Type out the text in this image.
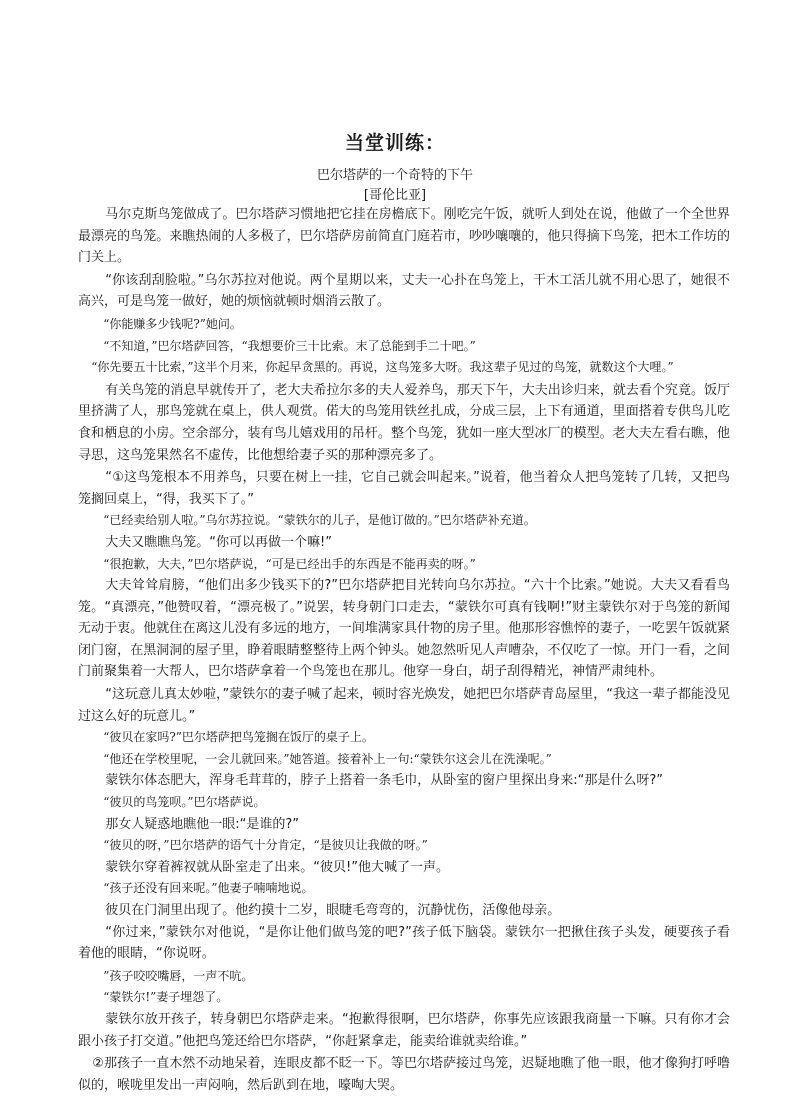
当堂训练：
巴尔塔萨的一个奇特的下午
[哥伦比亚]

马尔克斯鸟笼做成了。巴尔塔萨习惯地把它挂在房檐底下。刚吃完午饭，就听人到处在说，他做了一个全世界最漂亮的鸟笼。来瞧热闹的人多极了，巴尔塔萨房前简直门庭若市，吵吵嚷嚷的，他只得摘下鸟笼，把木工作坊的门关上。

“你该刮刮脸啦。”乌尔苏拉对他说。两个星期以来，丈夫一心扑在鸟笼上，干木工活儿就不用心思了，她很不高兴，可是鸟笼一做好，她的烦恼就顿时烟消云散了。

“你能赚多少钱呢?”她问。

“不知道，”巴尔塔萨回答，“我想要价三十比索。末了总能到手二十吧。”

“你先要五十比索，”这半个月来，你起早贪黑的。再说，这鸟笼多大呀。我这辈子见过的鸟笼，就数这个大哩。”

有关鸟笼的消息早就传开了，老大夫希拉尔多的夫人爱养鸟，那天下午，大夫出诊归来，就去看个究竟。饭厅里挤满了人，那鸟笼就在桌上，供人观赏。偌大的鸟笼用铁丝扎成，分成三层，上下有通道，里面搭着专供鸟儿吃食和栖息的小房。空余部分，装有鸟儿嬉戏用的吊杆。整个鸟笼，犹如一座大型冰厂的模型。老大夫左看右瞧，他寻思，这鸟笼果然名不虚传，比他想给妻子买的那种漂亮多了。

“①这鸟笼根本不用养鸟，只要在树上一挂，它自己就会叫起来。”说着，他当着众人把鸟笼转了几转，又把鸟笼搁回桌上，“得，我买下了。”

“已经卖给别人啦。”乌尔苏拉说。“蒙铁尔的儿子，是他订做的。”巴尔塔萨补充道。

大夫又瞧瞧鸟笼。“你可以再做一个嘛!”

“很抱歉，大夫，”巴尔塔萨说，“可是已经出手的东西是不能再卖的呀。”

大夫耸耸肩膀，“他们出多少钱买下的?”巴尔塔萨把目光转向乌尔苏拉。“六十个比索。”她说。大夫又看看鸟笼。“真漂亮，”他赞叹着，“漂亮极了。”说罢，转身朝门口走去，“蒙铁尔可真有钱啊!”财主蒙铁尔对于鸟笼的新闻无动于衷。他就住在离这儿没有多远的地方，一间堆满家具什物的房子里。他那形容憔悴的妻子，一吃罢午饭就紧闭门窗，在黑洞洞的屋子里，睁着眼睛整整待上两个钟头。她忽然听见人声嘈杂，不仅吃了一惊。开门一看，之间门前聚集着一大帮人，巴尔塔萨拿着一个鸟笼也在那儿。他穿一身白，胡子刮得精光，神情严肃纯朴。

“这玩意儿真太妙啦，”蒙铁尔的妻子喊了起来，顿时容光焕发，她把巴尔塔萨青岛屋里，“我这一辈子都能没见过这么好的玩意儿。”

“彼贝在家吗?”巴尔塔萨把鸟笼搁在饭厅的桌子上。

“他还在学校里呢，一会儿就回来。”她答道。接着补上一句:“蒙铁尔这会儿在洗澡呢。”

蒙铁尔体态肥大，浑身毛茸茸的，脖子上搭着一条毛巾，从卧室的窗户里探出身来:“那是什么呀?”

“彼贝的鸟笼呗。”巴尔塔萨说。

那女人疑惑地瞧他一眼:“是谁的?”

“彼贝的呀，”巴尔塔萨的语气十分肯定，“是彼贝让我做的呀。”

蒙铁尔穿着裤衩就从卧室走了出来。“彼贝!”他大喊了一声。

“孩子还没有回来呢。”他妻子喃喃地说。

彼贝在门洞里出现了。他约摸十二岁，眼睫毛弯弯的，沉静忧伤，活像他母亲。

“你过来，”蒙铁尔对他说，“是你让他们做鸟笼的吧?”孩子低下脑袋。蒙铁尔一把揪住孩子头发，硬要孩子看着他的眼睛，“你说呀。

”孩子咬咬嘴唇，一声不吭。

“蒙铁尔!”妻子埋怨了。

蒙铁尔放开孩子，转身朝巴尔塔萨走来。“抱歉得很啊，巴尔塔萨，你事先应该跟我商量一下嘛。只有你才会跟小孩子打交道。”他把鸟笼还给巴尔塔萨，“你赶紧拿走，能卖给谁就卖给谁。”

②那孩子一直木然不动地呆着，连眼皮都不眨一下。等巴尔塔萨接过鸟笼，迟疑地瞧了他一眼，他才像狗打呼噜似的，喉咙里发出一声闷响，然后趴到在地，嚎啕大哭。
